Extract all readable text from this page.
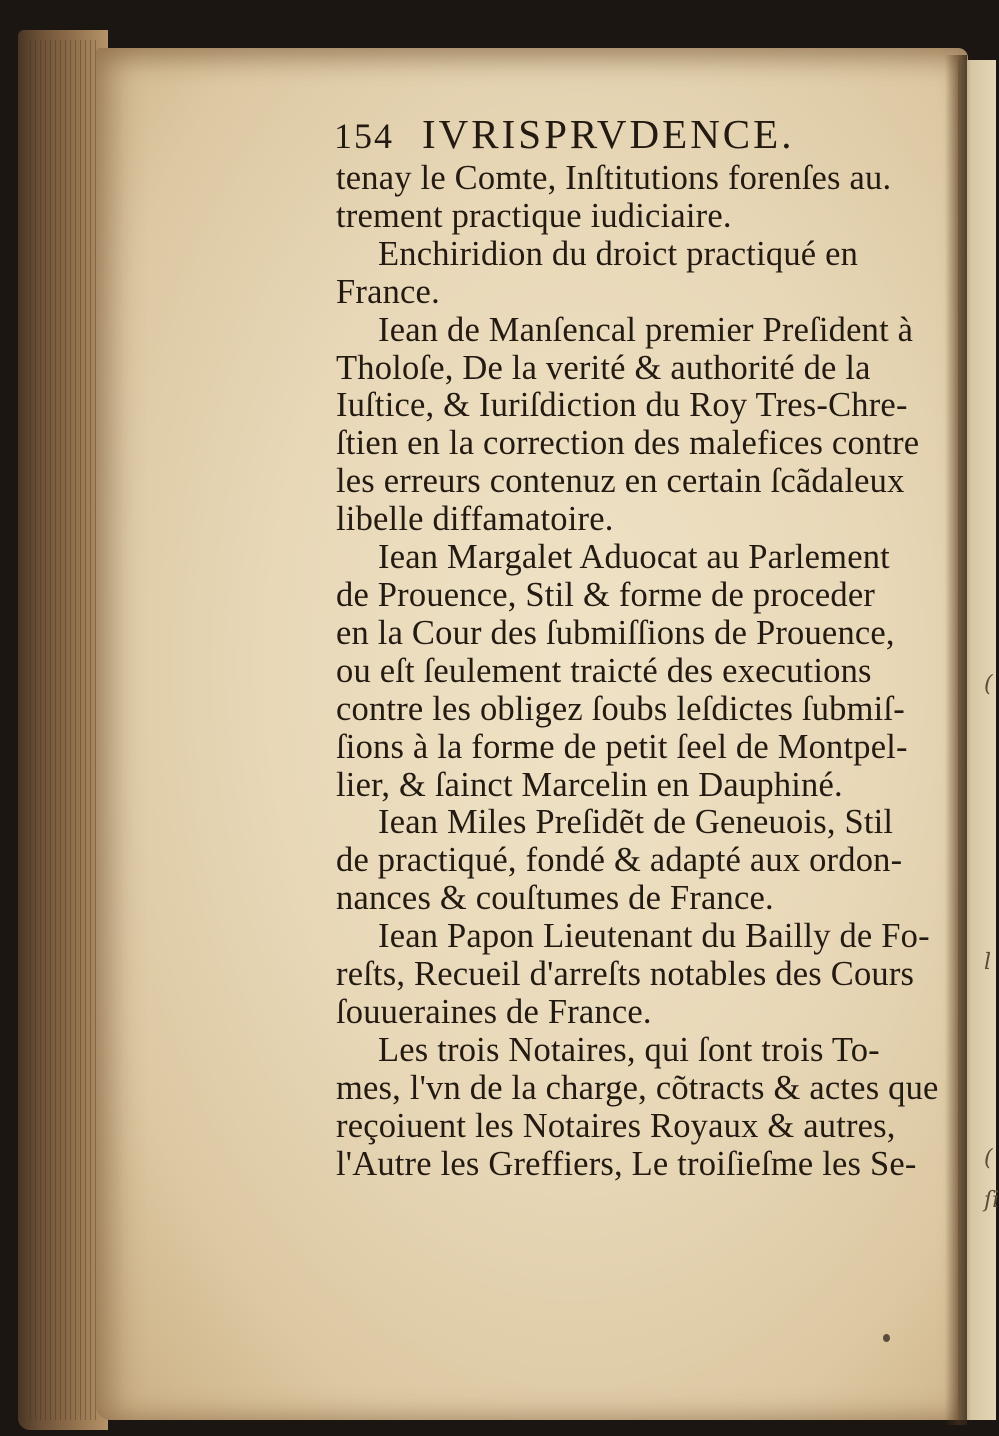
(
l
(
ſi
154 IVRISPRVDENCE.
tenay le Comte, Inſtitutions forenſes au.
trement practique iudiciaire.
Enchiridion du droict practiqué en
France.
Iean de Manſencal premier Preſident à
Tholoſe, De la verité & authorité de la
Iuſtice, & Iuriſdiction du Roy Tres-Chre-
ſtien en la correction des malefices contre
les erreurs contenuz en certain ſcãdaleux
libelle diffamatoire.
Iean Margalet Aduocat au Parlement
de Prouence, Stil & forme de proceder
en la Cour des ſubmiſſions de Prouence,
ou eſt ſeulement traicté des executions
contre les obligez ſoubs leſdictes ſubmiſ-
ſions à la forme de petit ſeel de Montpel-
lier, & ſainct Marcelin en Dauphiné.
Iean Miles Preſidẽt de Geneuois, Stil
de practiqué, fondé & adapté aux ordon-
nances & couſtumes de France.
Iean Papon Lieutenant du Bailly de Fo-
reſts, Recueil d'arreſts notables des Cours
ſouueraines de France.
Les trois Notaires, qui ſont trois To-
mes, l'vn de la charge, cõtracts & actes que
reçoiuent les Notaires Royaux & autres,
l'Autre les Greffiers, Le troiſieſme les Se-
